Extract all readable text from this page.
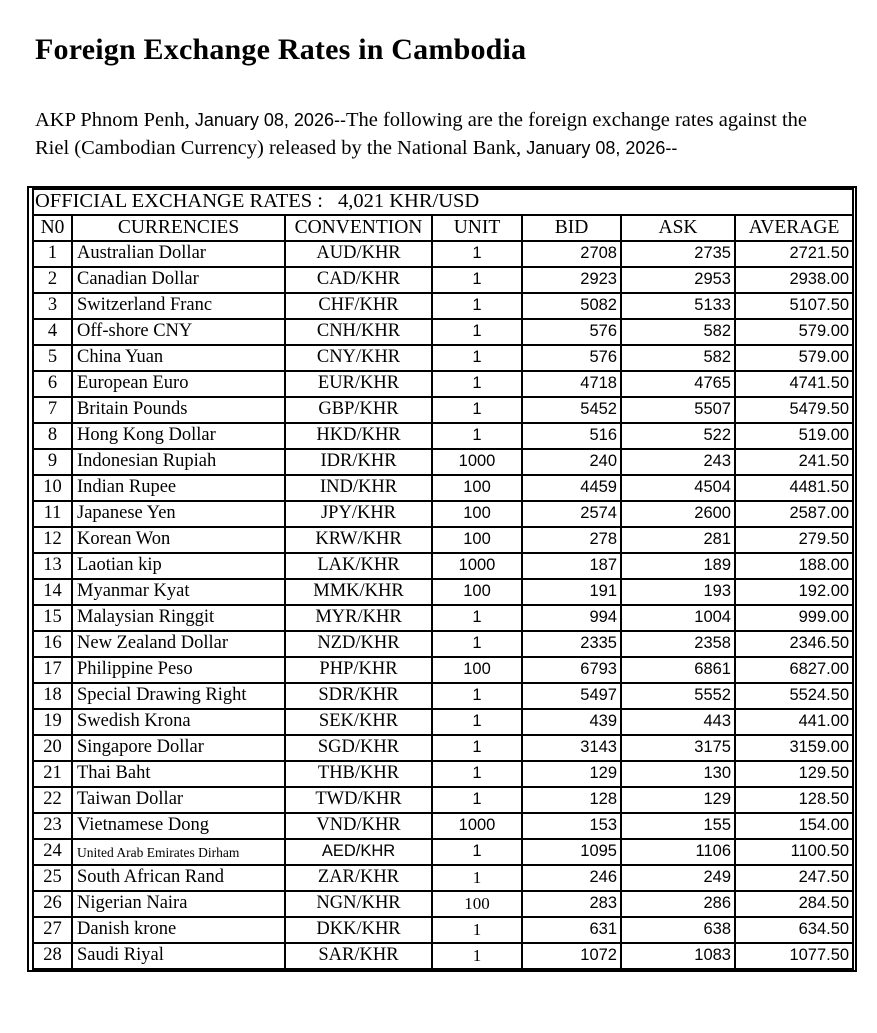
Foreign Exchange Rates in Cambodia

AKP Phnom Penh, January 08, 2026--The following are the foreign exchange rates against the
Riel (Cambodian Currency) released by the National Bank, January 08, 2026--

OFFICIAL EXCHANGE RATES : 4,021 KHR/USD						
N0	CURRENCIES	CONVENTION	UNIT	BID	ASK	AVERAGE
1	Australian Dollar	AUD/KHR	1	2708	2735	2721.50
2	Canadian Dollar	CAD/KHR	1	2923	2953	2938.00
3	Switzerland Franc	CHF/KHR	1	5082	5133	5107.50
4	Off-shore CNY	CNH/KHR	1	576	582	579.00
5	China Yuan	CNY/KHR	1	576	582	579.00
6	European Euro	EUR/KHR	1	4718	4765	4741.50
7	Britain Pounds	GBP/KHR	1	5452	5507	5479.50
8	Hong Kong Dollar	HKD/KHR	1	516	522	519.00
9	Indonesian Rupiah	IDR/KHR	1000	240	243	241.50
10	Indian Rupee	IND/KHR	100	4459	4504	4481.50
11	Japanese Yen	JPY/KHR	100	2574	2600	2587.00
12	Korean Won	KRW/KHR	100	278	281	279.50
13	Laotian kip	LAK/KHR	1000	187	189	188.00
14	Myanmar Kyat	MMK/KHR	100	191	193	192.00
15	Malaysian Ringgit	MYR/KHR	1	994	1004	999.00
16	New Zealand Dollar	NZD/KHR	1	2335	2358	2346.50
17	Philippine Peso	PHP/KHR	100	6793	6861	6827.00
18	Special Drawing Right	SDR/KHR	1	5497	5552	5524.50
19	Swedish Krona	SEK/KHR	1	439	443	441.00
20	Singapore Dollar	SGD/KHR	1	3143	3175	3159.00
21	Thai Baht	THB/KHR	1	129	130	129.50
22	Taiwan Dollar	TWD/KHR	1	128	129	128.50
23	Vietnamese Dong	VND/KHR	1000	153	155	154.00
24	United Arab Emirates Dirham	AED/KHR	1	1095	1106	1100.50
25	South African Rand	ZAR/KHR	1	246	249	247.50
26	Nigerian Naira	NGN/KHR	100	283	286	284.50
27	Danish krone	DKK/KHR	1	631	638	634.50
28	Saudi Riyal	SAR/KHR	1	1072	1083	1077.50
